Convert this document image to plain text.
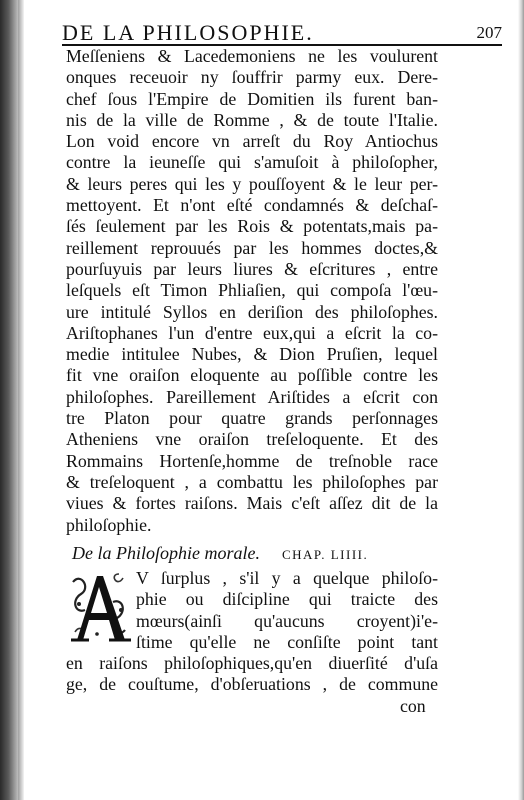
DE LA PHILOSOPHIE.	207
Meſſeniens & Lacedemoniens ne les voulurent
onques receuoir ny ſouffrir parmy eux. Dere-
chef ſous l'Empire de Domitien ils furent ban-
nis de la ville de Romme , & de toute l'Italie.
Lon void encore vn arreſt du Roy Antiochus
contre la ieuneſſe qui s'amuſoit à philoſopher,
& leurs peres qui les y pouſſoyent & le leur per-
mettoyent. Et n'ont eſté condamnés & deſchaſ-
ſés ſeulement par les Rois & potentats,mais pa-
reillement reprouués par les hommes doctes,&
pourſuyuis par leurs liures & eſcritures , entre
leſquels eſt Timon Phliaſien, qui compoſa l'œu-
ure intitulé Syllos en deriſion des philoſophes.
Ariſtophanes l'un d'entre eux,qui a eſcrit la co-
medie intitulee Nubes, & Dion Pruſien, lequel
fit vne oraiſon eloquente au poſſible contre les
philoſophes. Pareillement Ariſtides a eſcrit con
tre Platon pour quatre grands perſonnages
Atheniens vne oraiſon treſeloquente. Et des
Rommains Hortenſe,homme de treſnoble race
& treſeloquent , a combattu les philoſophes par
viues & fortes raiſons. Mais c'eſt aſſez dit de la
philoſophie.
De la Philoſophie morale. CHAP. LIIII.
V ſurplus , s'il y a quelque philoſo-
phie ou diſcipline qui traicte des
mœurs(ainſi qu'aucuns croyent)i'e-
ſtime qu'elle ne conſiſte point tant
en raiſons philoſophiques,qu'en diuerſité d'uſa
ge, de couſtume, d'obſeruations , de commune
con
